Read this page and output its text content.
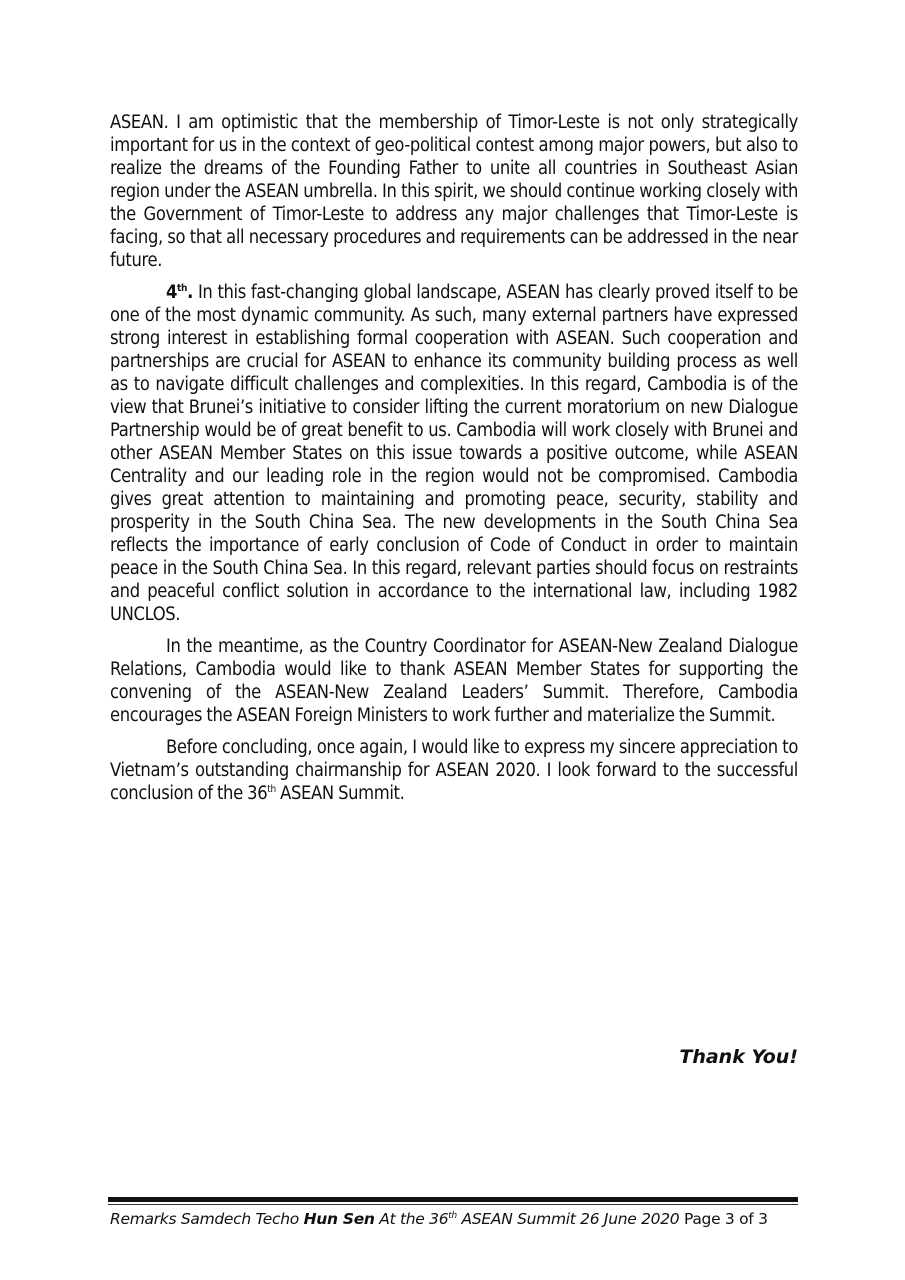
ASEAN. I am optimistic that the membership of Timor-Leste is not only strategically important for us in the context of geo-political contest among major powers, but also to realize the dreams of the Founding Father to unite all countries in Southeast Asian region under the ASEAN umbrella. In this spirit, we should continue working closely with the Government of Timor-Leste to address any major challenges that Timor-Leste is facing, so that all necessary procedures and requirements can be addressed in the near future.

4th. In this fast-changing global landscape, ASEAN has clearly proved itself to be one of the most dynamic community. As such, many external partners have expressed strong interest in establishing formal cooperation with ASEAN. Such cooperation and partnerships are crucial for ASEAN to enhance its community building process as well as to navigate difficult challenges and complexities. In this regard, Cambodia is of the view that Brunei’s initiative to consider lifting the current moratorium on new Dialogue Partnership would be of great benefit to us. Cambodia will work closely with Brunei and other ASEAN Member States on this issue towards a positive outcome, while ASEAN Centrality and our leading role in the region would not be compromised. Cambodia gives great attention to maintaining and promoting peace, security, stability and prosperity in the South China Sea. The new developments in the South China Sea reflects the importance of early conclusion of Code of Conduct in order to maintain peace in the South China Sea. In this regard, relevant parties should focus on restraints and peaceful conflict solution in accordance to the international law, including 1982 UNCLOS.

In the meantime, as the Country Coordinator for ASEAN-New Zealand Dialogue Relations, Cambodia would like to thank ASEAN Member States for supporting the convening of the ASEAN-New Zealand Leaders’ Summit. Therefore, Cambodia encourages the ASEAN Foreign Ministers to work further and materialize the Summit.

Before concluding, once again, I would like to express my sincere appreciation to Vietnam’s outstanding chairmanship for ASEAN 2020. I look forward to the successful conclusion of the 36th ASEAN Summit.

Thank You!
Remarks Samdech Techo Hun Sen At the 36th ASEAN Summit 26 June 2020 Page 3 of 3
